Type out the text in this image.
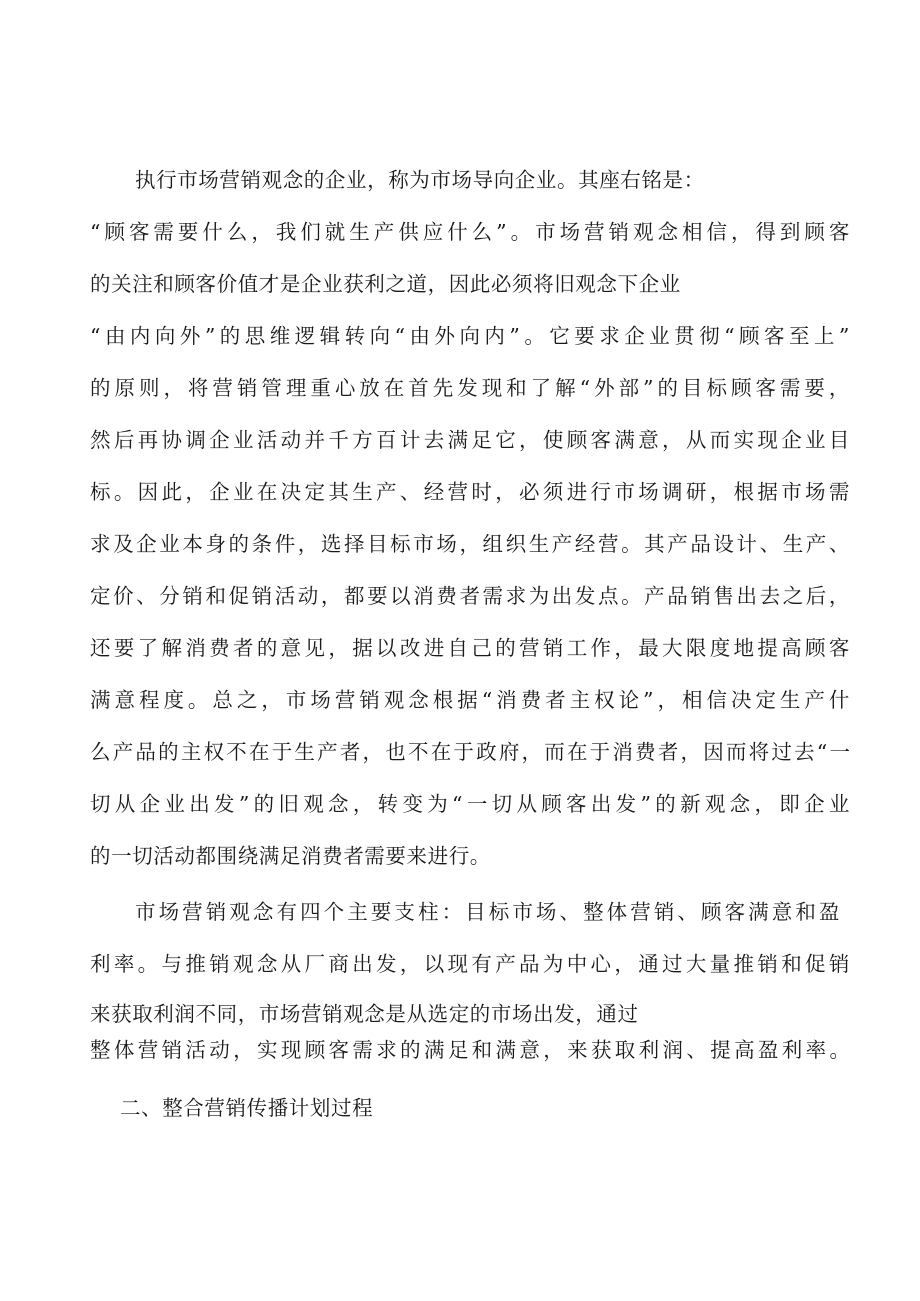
执行市场营销观念的企业，称为市场导向企业。其座右铭是：
“顾客需要什么，我们就生产供应什么”。市场营销观念相信，得到顾客
的关注和顾客价值才是企业获利之道，因此必须将旧观念下企业
“由内向外”的思维逻辑转向“由外向内”。它要求企业贯彻“顾客至上”
的原则，将营销管理重心放在首先发现和了解“外部”的目标顾客需要，
然后再协调企业活动并千方百计去满足它，使顾客满意，从而实现企业目
标。因此，企业在决定其生产、经营时，必须进行市场调研，根据市场需
求及企业本身的条件，选择目标市场，组织生产经营。其产品设计、生产、
定价、分销和促销活动，都要以消费者需求为出发点。产品销售出去之后，
还要了解消费者的意见，据以改进自己的营销工作，最大限度地提高顾客
满意程度。总之，市场营销观念根据“消费者主权论”，相信决定生产什
么产品的主权不在于生产者，也不在于政府，而在于消费者，因而将过去“一
切从企业出发”的旧观念，转变为“一切从顾客出发”的新观念，即企业
的一切活动都围绕满足消费者需要来进行。
市场营销观念有四个主要支柱：目标市场、整体营销、顾客满意和盈
利率。与推销观念从厂商出发，以现有产品为中心，通过大量推销和促销
来获取利润不同，市场营销观念是从选定的市场出发，通过
整体营销活动，实现顾客需求的满足和满意，来获取利润、提高盈利率。
二、整合营销传播计划过程
